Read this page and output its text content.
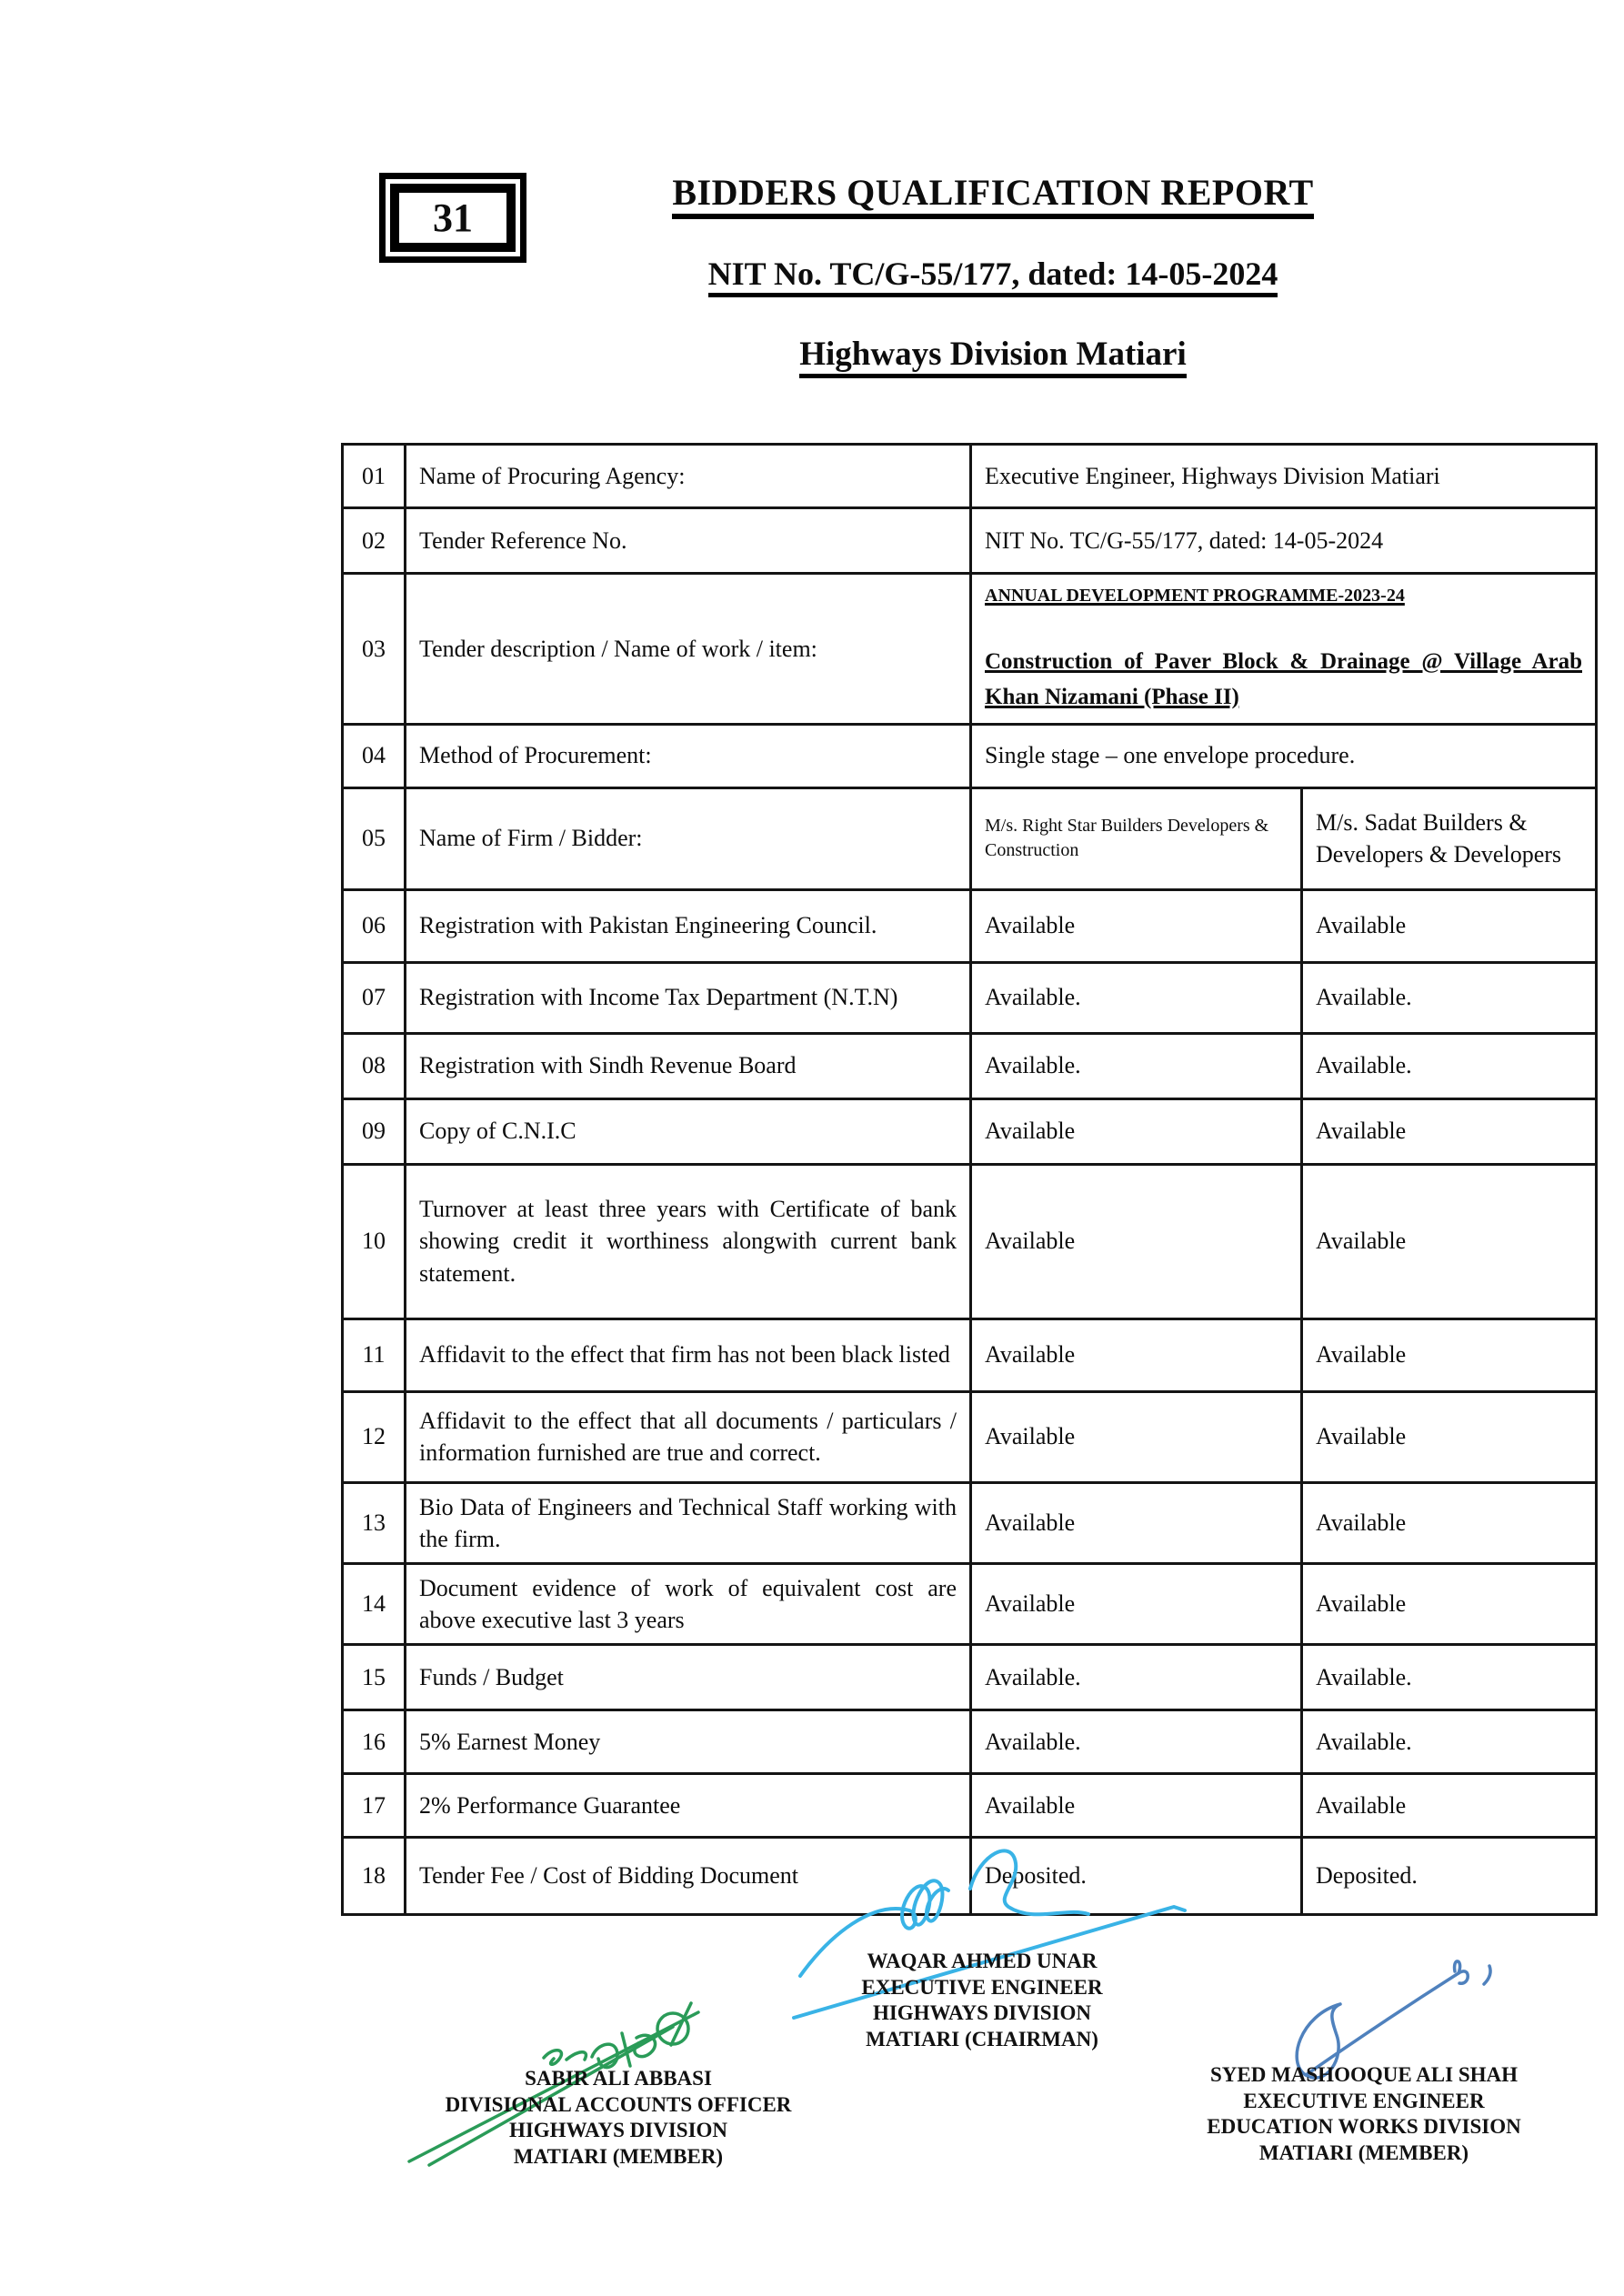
31
BIDDERS QUALIFICATION REPORT
NIT No. TC/G-55/177, dated: 14-05-2024
Highways Division Matiari
01	Name of Procuring Agency:	Executive Engineer, Highways Division Matiari	
02	Tender Reference No.	NIT No. TC/G-55/177, dated: 14-05-2024	
03	Tender description / Name of work / item:	ANNUAL DEVELOPMENT PROGRAMME-2023-24
Construction of Paver Block & Drainage @ Village Arab Khan Nizamani (Phase II)	

04	Method of Procurement:	Single stage – one envelope procedure.	
05	Name of Firm / Bidder:	M/s. Right Star Builders Developers & Construction	M/s. Sadat Builders & Developers & Developers
06	Registration with Pakistan Engineering Council.	Available	Available
07	Registration with Income Tax Department (N.T.N)	Available.	Available.
08	Registration with Sindh Revenue Board	Available.	Available.
09	Copy of C.N.I.C	Available	Available
10	Turnover at least three years with Certificate of bank showing credit it worthiness alongwith current bank statement.	Available	Available
11	Affidavit to the effect that firm has not been black listed	Available	Available
12	Affidavit to the effect that all documents / particulars / information furnished are true and correct.	Available	Available
13	Bio Data of Engineers and Technical Staff working with the firm.	Available	Available
14	Document evidence of work of equivalent cost are above executive last 3 years	Available	Available
15	Funds / Budget	Available.	Available.
16	5% Earnest Money	Available.	Available.
17	2% Performance Guarantee	Available	Available
18	Tender Fee / Cost of Bidding Document	Deposited.	Deposited.
WAQAR AHMED UNAR
EXECUTIVE ENGINEER
HIGHWAYS DIVISION
MATIARI (CHAIRMAN)
SABIR ALI ABBASI
DIVISIONAL ACCOUNTS OFFICER
HIGHWAYS DIVISION
MATIARI (MEMBER)
SYED MASHOOQUE ALI SHAH
EXECUTIVE ENGINEER
EDUCATION WORKS DIVISION
MATIARI (MEMBER)
